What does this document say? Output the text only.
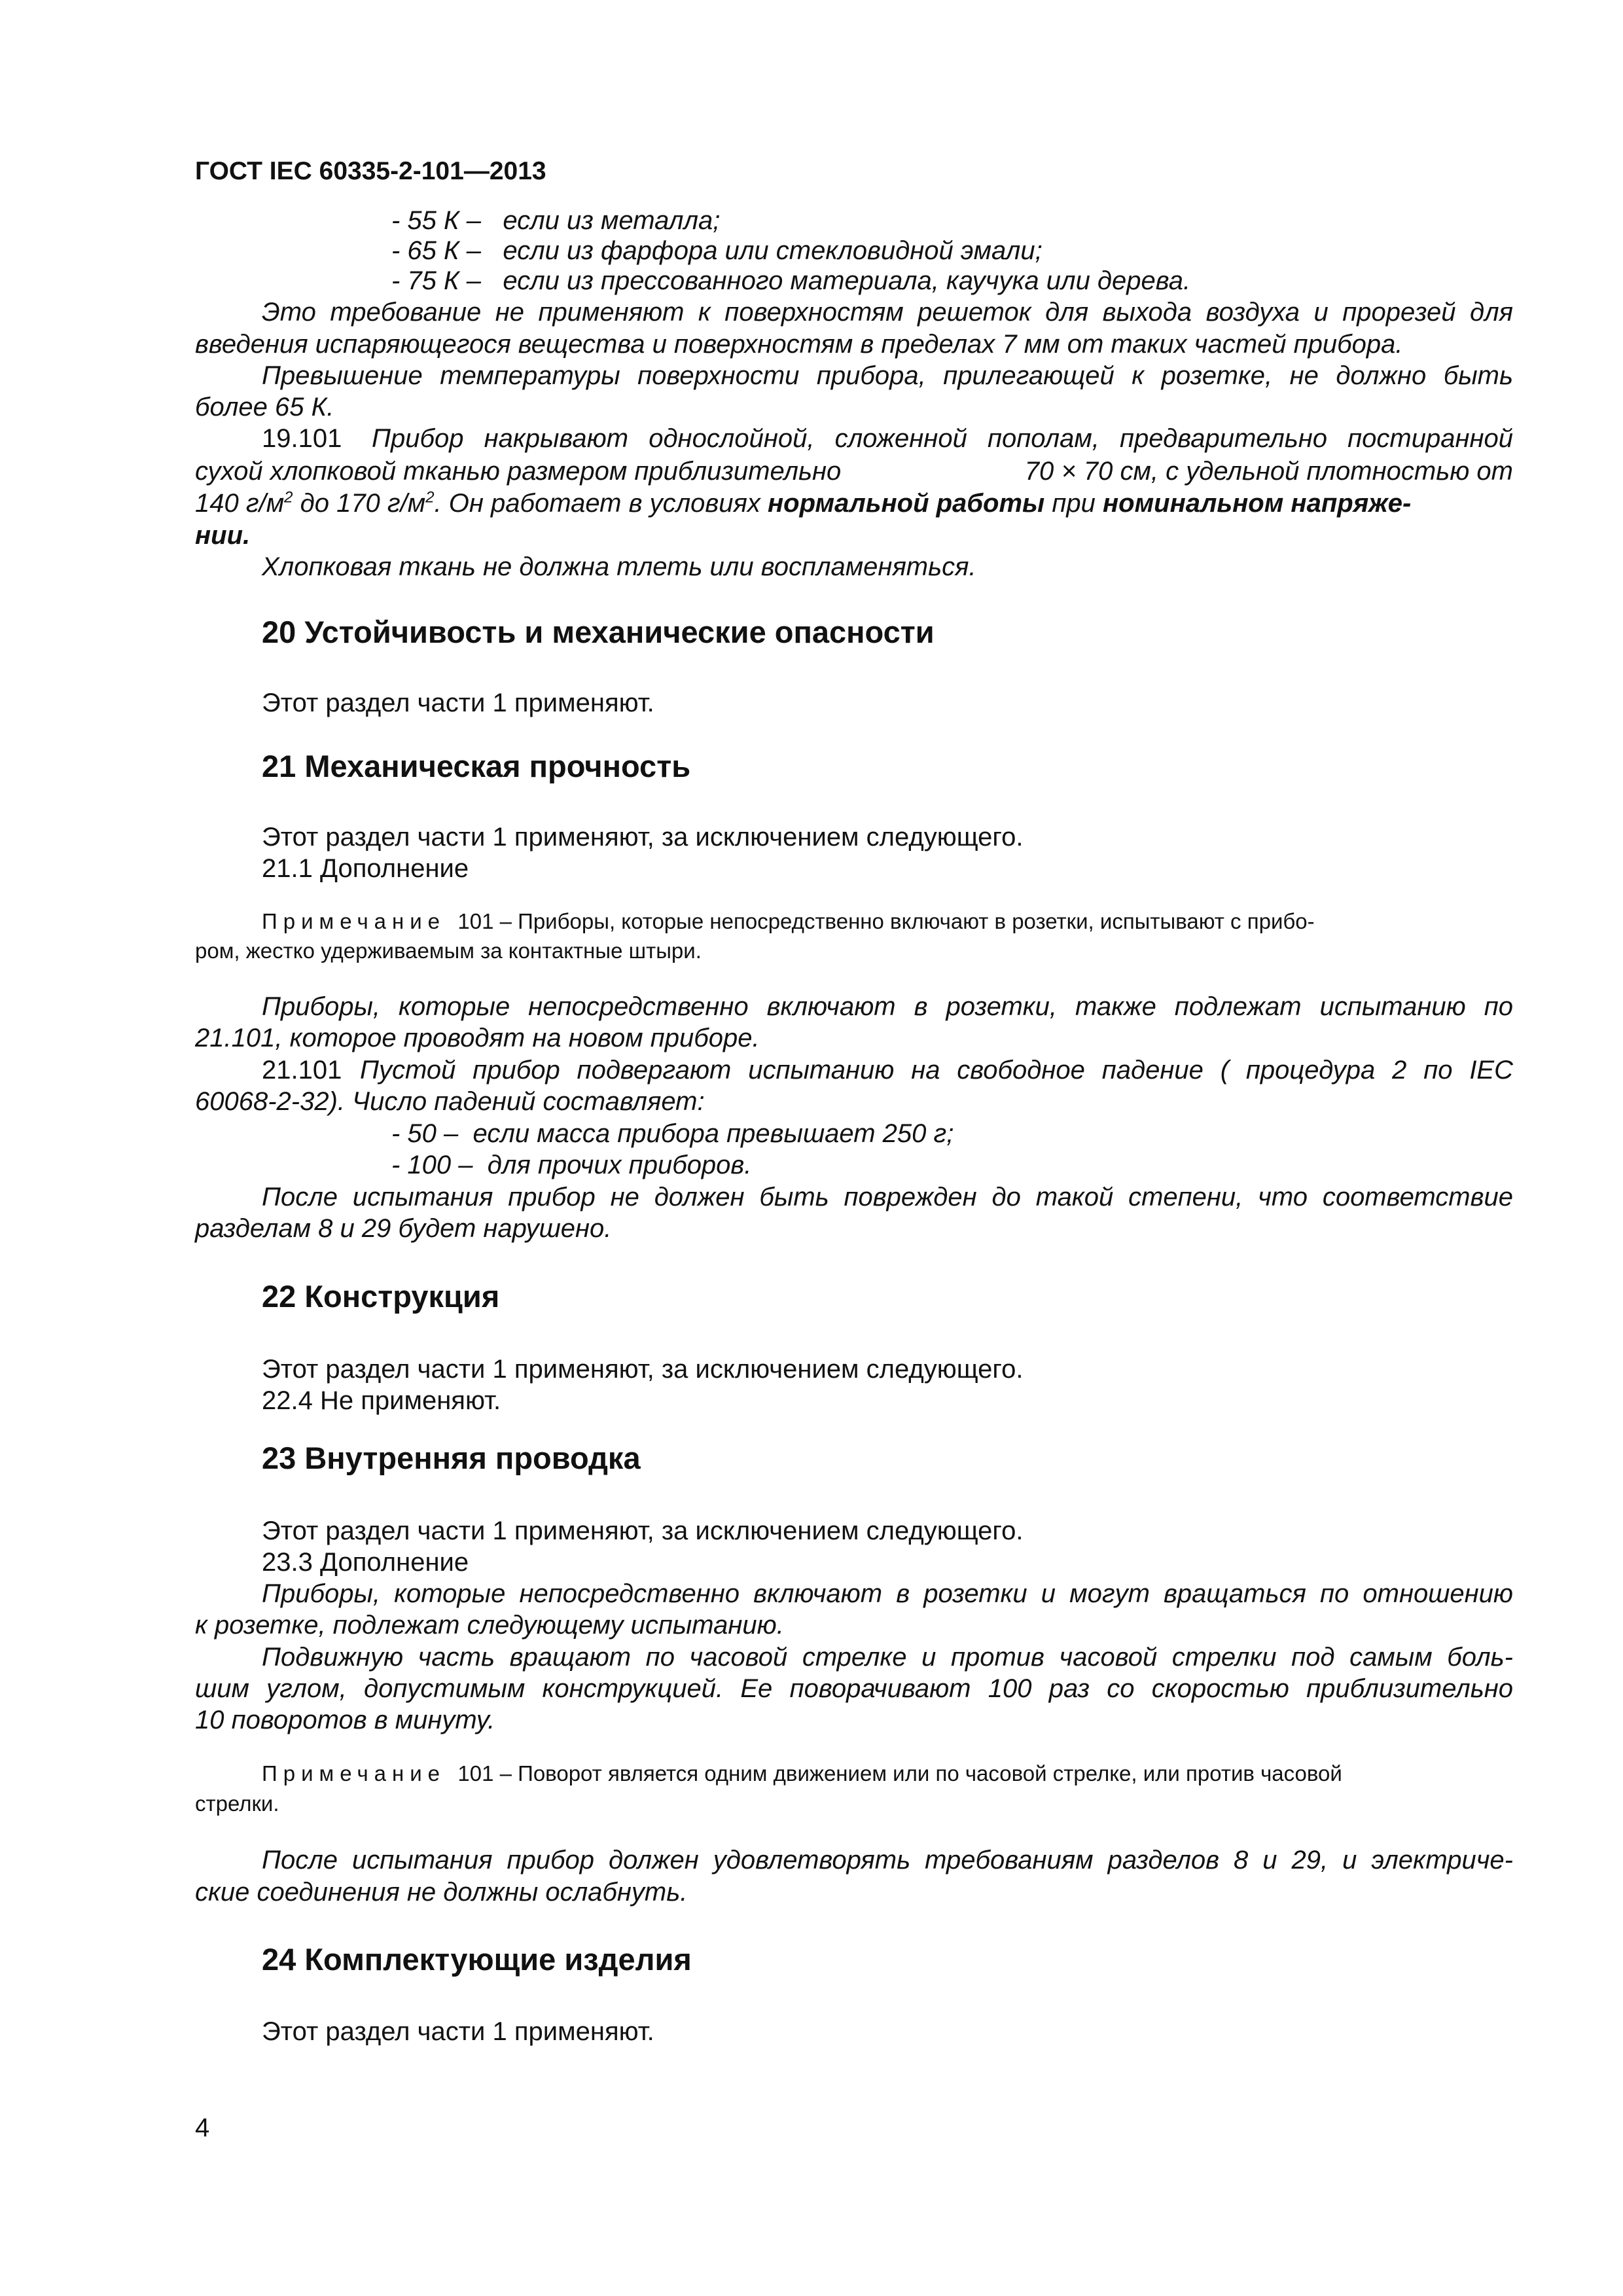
ГОСТ IEC 60335-2-101—2013
- 55 К – если из металла;
- 65 К – если из фарфора или стекловидной эмали;
- 75 К – если из прессованного материала, каучука или дерева.
Это требование не применяют к поверхностям решеток для выхода воздуха и прорезей для
введения испаряющегося вещества и поверхностям в пределах 7 мм от таких частей прибора.
Превышение температуры поверхности прибора, прилегающей к розетке, не должно быть
более 65 К.
19.101 Прибор накрывают однослойной, сложенной пополам, предварительно постиранной
сухой хлопковой тканью размером приблизительно	70 × 70 см, с удельной плотностью от
140 $г/м^2$ до 170 $г/м^2$. Он работает в условиях нормальной работы при номинальном напряже-
нии.
Хлопковая ткань не должна тлеть или воспламеняться.
20 Устойчивость и механические опасности
Этот раздел части 1 применяют.
21 Механическая прочность
Этот раздел части 1 применяют, за исключением следующего.
21.1 Дополнение
Примечание 101 – Приборы, которые непосредственно включают в розетки, испытывают с прибо-
ром, жестко удерживаемым за контактные штыри.
Приборы, которые непосредственно включают в розетки, также подлежат испытанию по
21.101, которое проводят на новом приборе.
21.101 Пустой прибор подвергают испытанию на свободное падение ( процедура 2 по IEC
60068-2-32). Число падений составляет:
- 50 – если масса прибора превышает 250 г;
- 100 – для прочих приборов.
После испытания прибор не должен быть поврежден до такой степени, что соответствие
разделам 8 и 29 будет нарушено.
22 Конструкция
Этот раздел части 1 применяют, за исключением следующего.
22.4 Не применяют.
23 Внутренняя проводка
Этот раздел части 1 применяют, за исключением следующего.
23.3 Дополнение
Приборы, которые непосредственно включают в розетки и могут вращаться по отношению
к розетке, подлежат следующему испытанию.
Подвижную часть вращают по часовой стрелке и против часовой стрелки под самым боль-
шим углом, допустимым конструкцией. Ее поворачивают 100 раз со скоростью приблизительно
10 поворотов в минуту.
Примечание 101 – Поворот является одним движением или по часовой стрелке, или против часовой
стрелки.
После испытания прибор должен удовлетворять требованиям разделов 8 и 29, и электриче-
ские соединения не должны ослабнуть.
24 Комплектующие изделия
Этот раздел части 1 применяют.
4
